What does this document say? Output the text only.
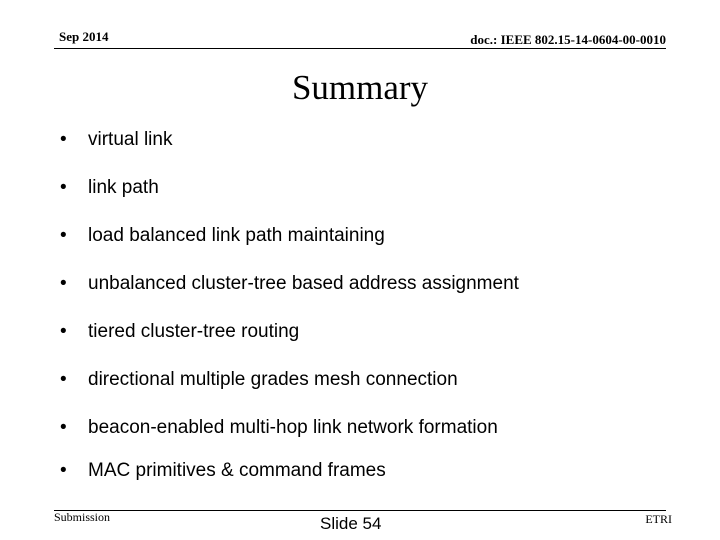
Sep 2014	doc.: IEEE 802.15-14-0604-00-0010
Summary
•	virtual link
•	link path
•	load balanced link path maintaining
•	unbalanced cluster-tree based address assignment
•	tiered cluster-tree routing
•	directional multiple grades mesh connection
•	beacon-enabled multi-hop link network formation
•	MAC primitives & command frames
Submission	Slide 54	ETRI
